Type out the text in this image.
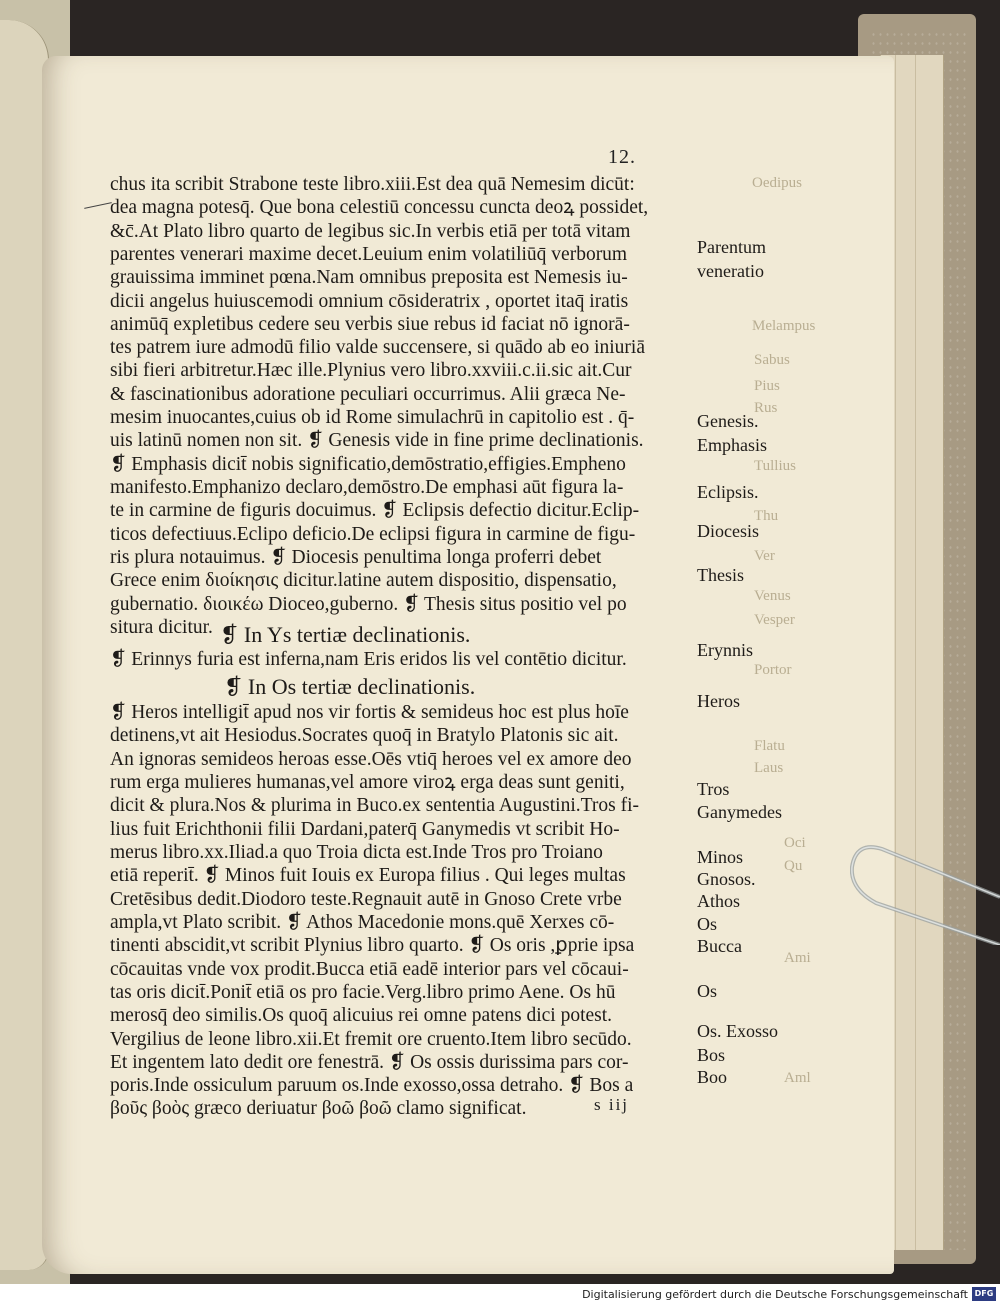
Oedipus
Melampus
Sabus
Pius
Rus
Tullius
Thu
Ver
Venus
Vesper
Portor
Flatu
Laus
Oci
Qu
Ami
Aml
12.
chus ita scribit Strabone teste libro.xiii.Est dea quā Nemesim dicūt:
dea magna potesq̄. Que bona celestiū concessu cuncta deoꝝ possidet,
&c̄.At Plato libro quarto de legibus sic.In verbis etiā per totā vitam
parentes venerari maxime decet.Leuium enim volatiliūq̄ verborum
grauissima imminet pœna.Nam omnibus preposita est Nemesis iu-
dicii angelus huiuscemodi omnium cōsideratrix , oportet itaq̄ iratis
animūq̄ expletibus cedere seu verbis siue rebus id faciat nō ignorā-
tes patrem iure admodū filio valde succensere, si quādo ab eo iniuriā
sibi fieri arbitretur.Hæc ille.Plynius vero libro.xxviii.c.ii.sic ait.Cur
& fascinationibus adoratione peculiari occurrimus. Alii græca Ne-
mesim inuocantes,cuius ob id Rome simulachrū in capitolio est . q̄-
uis latinū nomen non sit. ❡ Genesis vide in fine prime declinationis.
❡ Emphasis dicit̄ nobis significatio,demōstratio,effigies.Empheno
manifesto.Emphanizo declaro,demōstro.De emphasi aūt figura la-
te in carmine de figuris docuimus. ❡ Eclipsis defectio dicitur.Eclip-
ticos defectiuus.Eclipo deficio.De eclipsi figura in carmine de figu-
ris plura notauimus. ❡ Diocesis penultima longa proferri debet
Grece enim διοίκησις dicitur.latine autem dispositio, dispensatio,
gubernatio. διοικέω Dioceo,guberno. ❡ Thesis situs positio vel po
situra dicitur. ❡ In Ys tertiæ declinationis.
❡ Erinnys furia est inferna,nam Eris eridos lis vel contētio dicitur.
❡ In Os tertiæ declinationis.
❡ Heros intelligit̄ apud nos vir fortis & semideus hoc est plus hoīe
detinens,vt ait Hesiodus.Socrates quoq̄ in Bratylo Platonis sic ait.
An ignoras semideos heroas esse.Oēs vtiq̄ heroes vel ex amore deo
rum erga mulieres humanas,vel amore viroꝝ erga deas sunt geniti,
dicit & plura.Nos & plurima in Buco.ex sententia Augustini.Tros fi-
lius fuit Erichthonii filii Dardani,paterq̄ Ganymedis vt scribit Ho-
merus libro.xx.Iliad.a quo Troia dicta est.Inde Tros pro Troiano
etiā reperit̄. ❡ Minos fuit Iouis ex Europa filius . Qui leges multas
Cretēsibus dedit.Diodoro teste.Regnauit autē in Gnoso Crete vrbe
ampla,vt Plato scribit. ❡ Athos Macedonie mons.quē Xerxes cō-
tinenti abscidit,vt scribit Plynius libro quarto. ❡ Os oris ,ꝑprie ipsa
cōcauitas vnde vox prodit.Bucca etiā eadē interior pars vel cōcaui-
tas oris dicit̄.Ponit̄ etiā os pro facie.Verg.libro primo Aene. Os hū
merosq̄ deo similis.Os quoq̄ alicuius rei omne patens dici potest.
Vergilius de leone libro.xii.Et fremit ore cruento.Item libro secūdo.
Et ingentem lato dedit ore fenestrā. ❡ Os ossis durissima pars cor-
poris.Inde ossiculum paruum os.Inde exosso,ossa detraho. ❡ Bos a
βοῦς βοὸς græco deriuatur βοῶ βοῶ clamo significat.
Parentum
veneratio
Genesis.
Emphasis
Eclipsis.
Diocesis
Thesis
Erynnis
Heros
Tros
Ganymedes
Minos
Gnosos.
Athos
Os
Bucca
Os
Os. Exosso
Bos
Boo
s iij
Digitalisierung gefördert durch die Deutsche Forschungsgemeinschaft DFG
